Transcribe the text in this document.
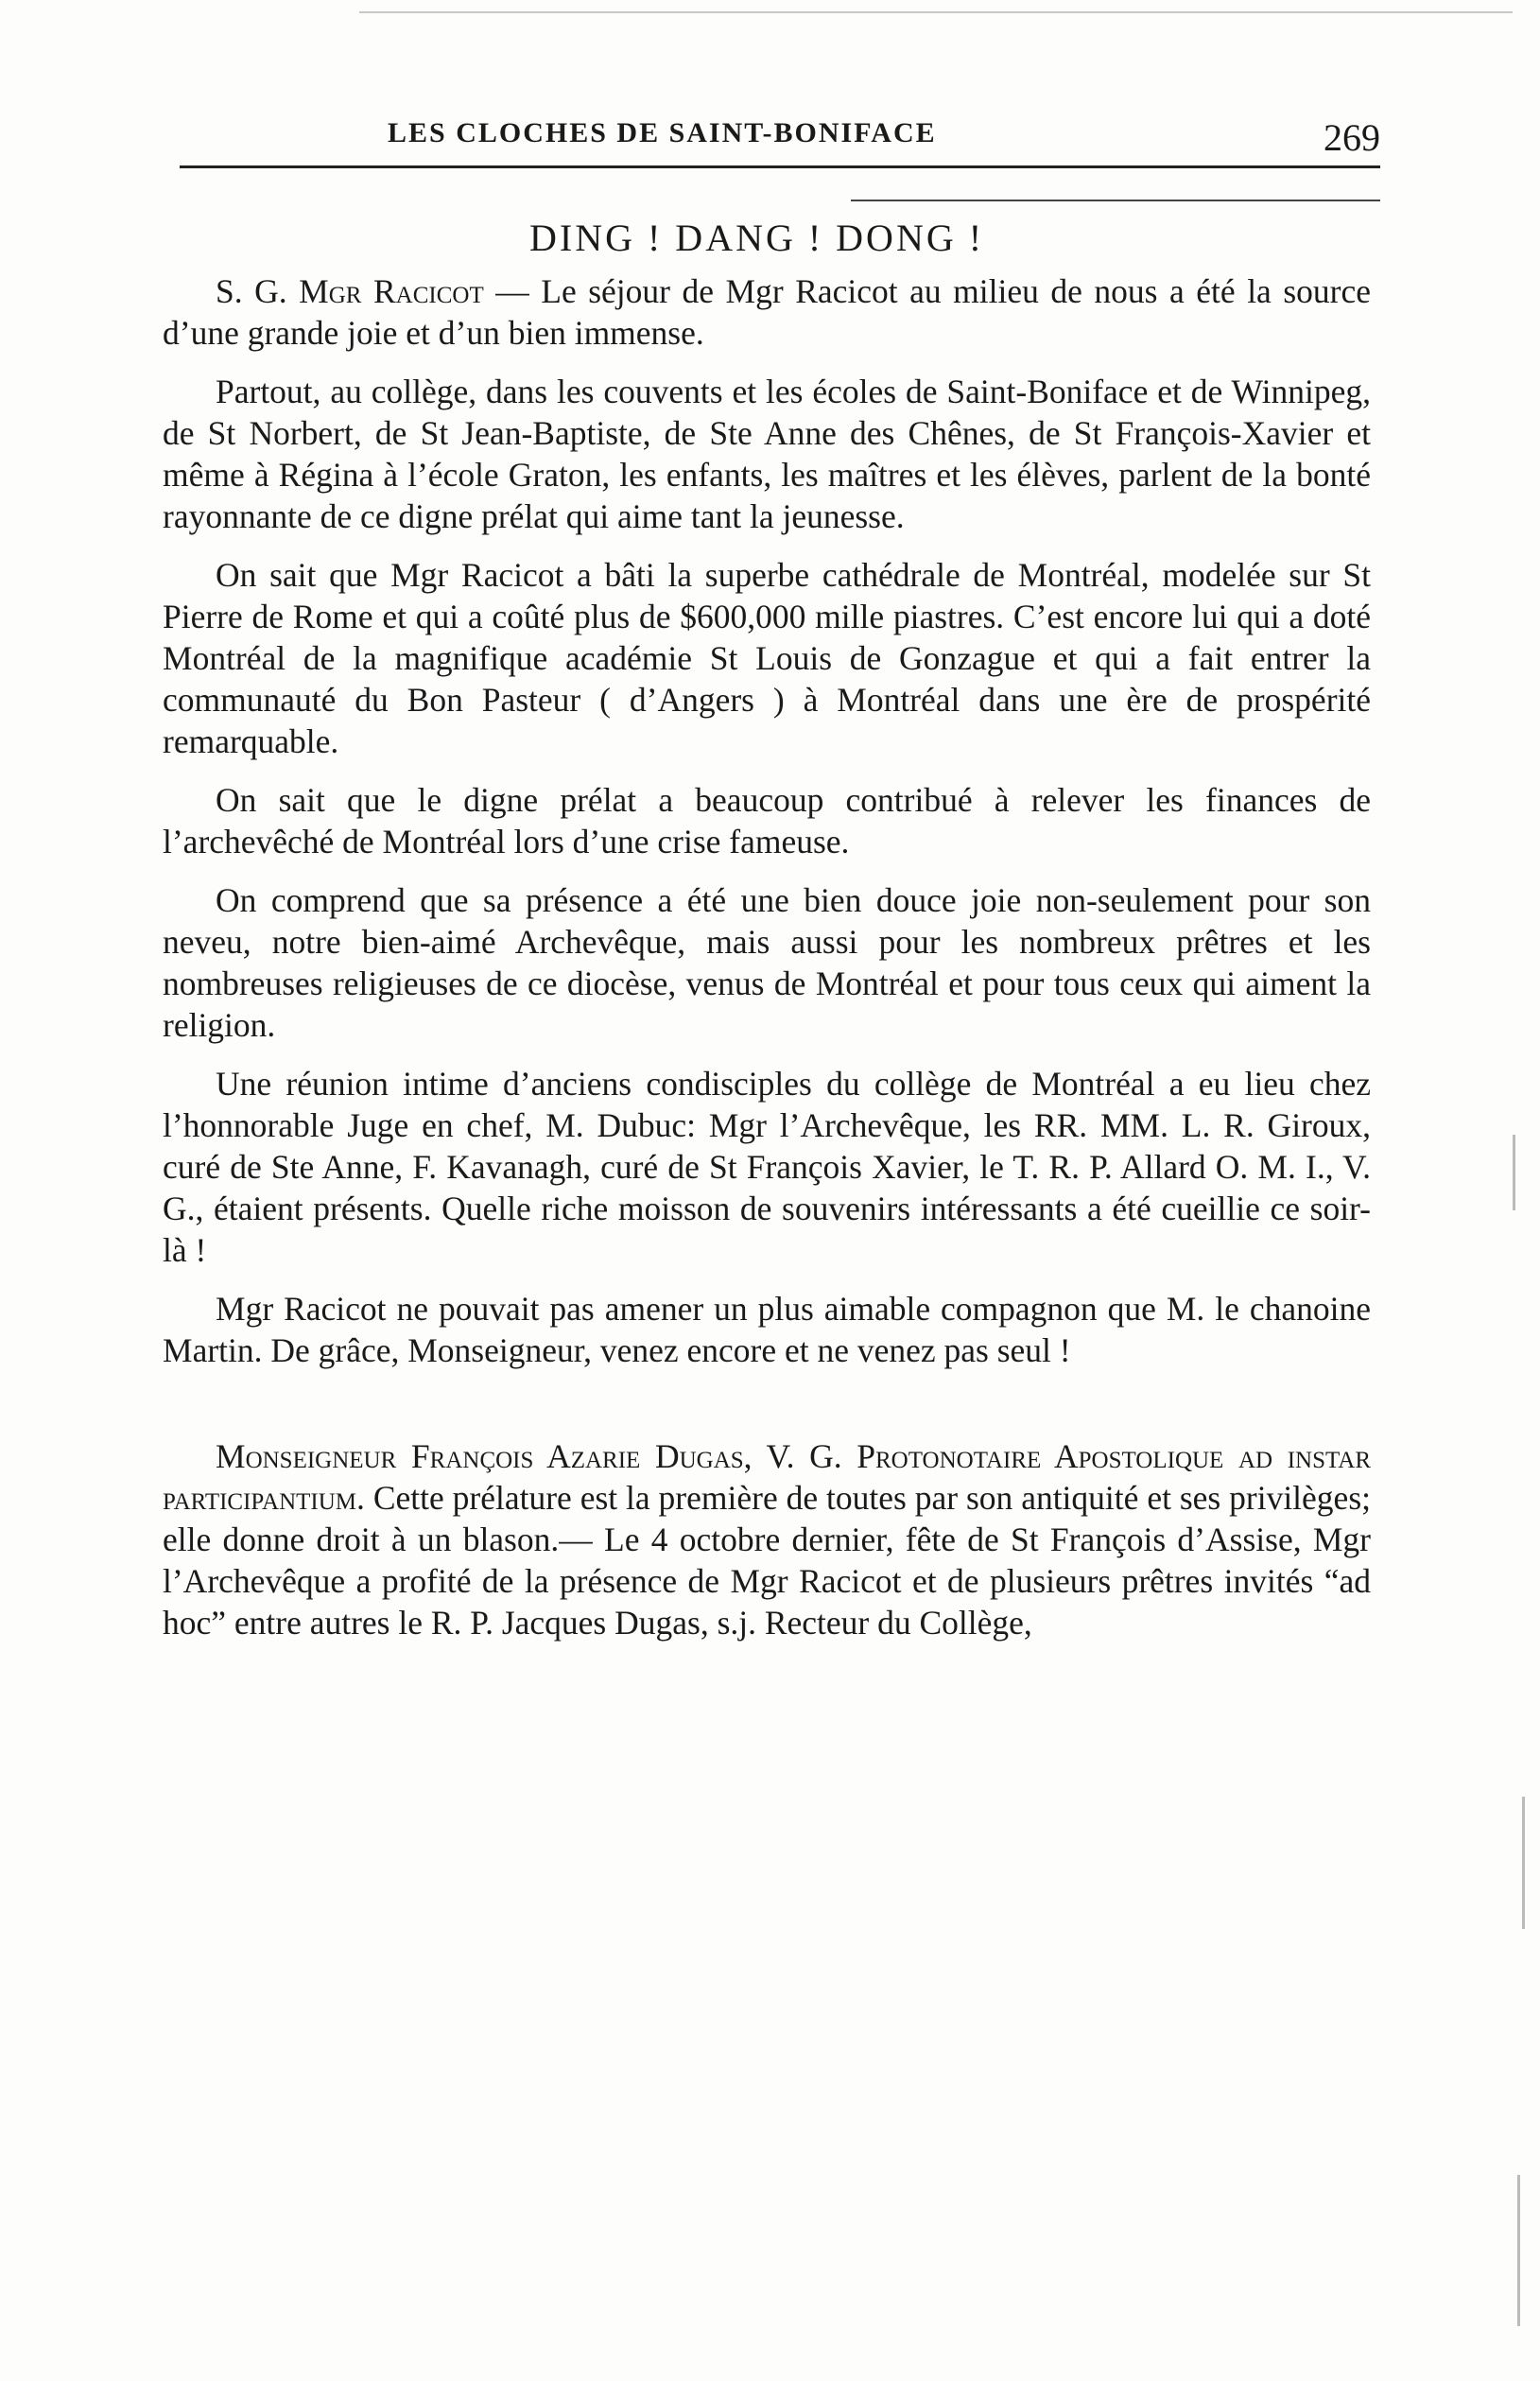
LES CLOCHES DE SAINT-BONIFACE	269
DING ! DANG ! DONG !

S. G. Mgr Racicot — Le séjour de Mgr Racicot au milieu de nous a été la source d’une grande joie et d’un bien immense.

Partout, au collège, dans les couvents et les écoles de Saint-Boniface et de Winnipeg, de St Norbert, de St Jean-Baptiste, de Ste Anne des Chênes, de St François-Xavier et même à Régina à l’école Graton, les enfants, les maîtres et les élèves, parlent de la bonté rayonnante de ce digne prélat qui aime tant la jeunesse.

On sait que Mgr Racicot a bâti la superbe cathédrale de Montréal, modelée sur St Pierre de Rome et qui a coûté plus de $600,000 mille piastres. C’est encore lui qui a doté Montréal de la magnifique académie St Louis de Gonzague et qui a fait entrer la communauté du Bon Pasteur ( d’Angers ) à Montréal dans une ère de prospérité remarquable.

On sait que le digne prélat a beaucoup contribué à relever les finances de l’archevêché de Montréal lors d’une crise fameuse.

On comprend que sa présence a été une bien douce joie non-seulement pour son neveu, notre bien-aimé Archevêque, mais aussi pour les nombreux prêtres et les nombreuses religieuses de ce diocèse, venus de Montréal et pour tous ceux qui aiment la religion.

Une réunion intime d’anciens condisciples du collège de Montréal a eu lieu chez l’honnorable Juge en chef, M. Dubuc: Mgr l’Archevêque, les RR. MM. L. R. Giroux, curé de Ste Anne, F. Kavanagh, curé de St François Xavier, le T. R. P. Allard O. M. I., V. G., étaient présents. Quelle riche moisson de souvenirs intéressants a été cueillie ce soir-là !

Mgr Racicot ne pouvait pas amener un plus aimable compagnon que M. le chanoine Martin. De grâce, Monseigneur, venez encore et ne venez pas seul !

Monseigneur François Azarie Dugas, V. G. Protonotaire Apostolique ad instar participantium. Cette prélature est la première de toutes par son antiquité et ses privilèges; elle donne droit à un blason.— Le 4 octobre dernier, fête de St François d’Assise, Mgr l’Archevêque a profité de la présence de Mgr Racicot et de plusieurs prêtres invités “ad hoc” entre autres le R. P. Jacques Dugas, s.j. Recteur du Collège,
